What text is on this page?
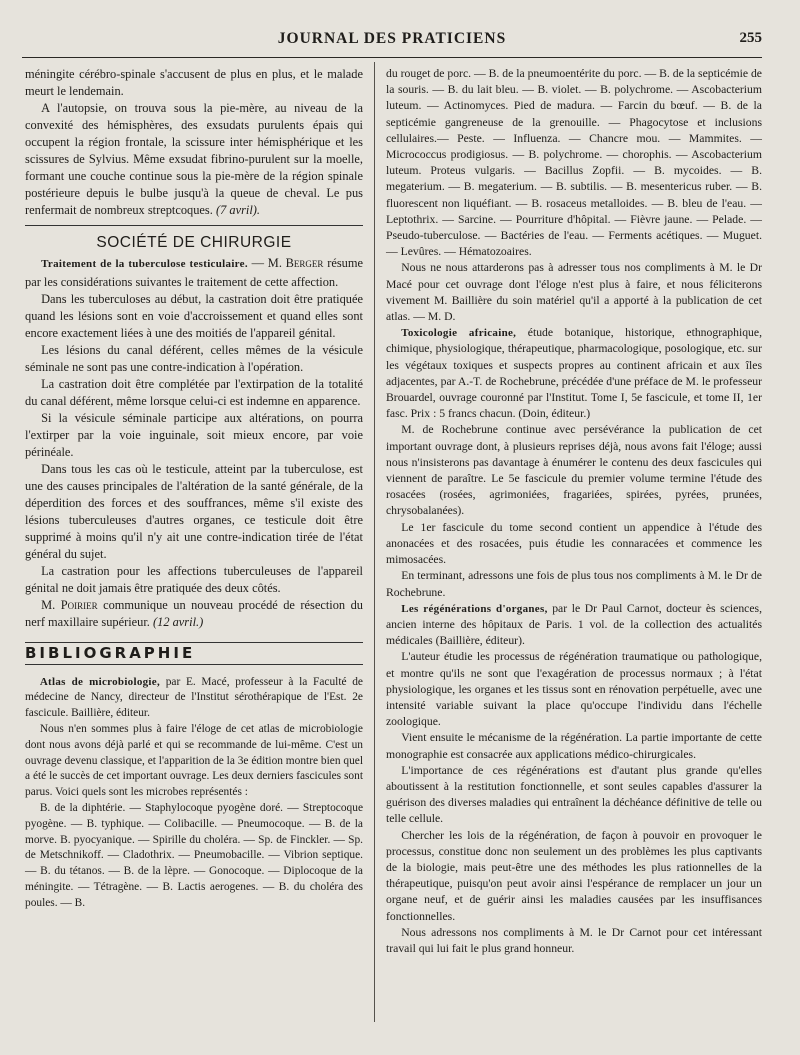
JOURNAL DES PRATICIENS	255

méningite cérébro-spinale s'accusent de plus en plus, et le malade meurt le lendemain.

A l'autopsie, on trouva sous la pie-mère, au niveau de la convexité des hémisphères, des exsudats purulents épais qui occupent la région frontale, la scissure inter hémisphérique et les scissures de Sylvius. Même exsudat fibrino-purulent sur la moelle, formant une couche continue sous la pie-mère de la région spinale postérieure depuis le bulbe jusqu'à la queue de cheval. Le pus renfermait de nombreux streptcoques. (7 avril).

SOCIÉTÉ DE CHIRURGIE

Traitement de la tuberculose testiculaire. — M. Berger résume par les considérations suivantes le traitement de cette affection.

Dans les tuberculoses au début, la castration doit être pratiquée quand les lésions sont en voie d'accroissement et quand elles sont encore exactement liées à une des moitiés de l'appareil génital.

Les lésions du canal déférent, celles mêmes de la vésicule séminale ne sont pas une contre-indication à l'opération.

La castration doit être complétée par l'extirpation de la totalité du canal déférent, même lorsque celui-ci est indemne en apparence.

Si la vésicule séminale participe aux altérations, on pourra l'extirper par la voie inguinale, soit mieux encore, par voie périnéale.

Dans tous les cas où le testicule, atteint par la tuberculose, est une des causes principales de l'altération de la santé générale, de la déperdition des forces et des souffrances, même s'il existe des lésions tuberculeuses d'autres organes, ce testicule doit être supprimé à moins qu'il n'y ait une contre-indication tirée de l'état général du sujet.

La castration pour les affections tuberculeuses de l'appareil génital ne doit jamais être pratiquée des deux côtés.

M. Poirier communique un nouveau procédé de résection du nerf maxillaire supérieur. (12 avril.)

BIBLIOGRAPHIE

Atlas de microbiologie, par E. Macé, professeur à la Faculté de médecine de Nancy, directeur de l'Institut sérothérapique de l'Est. 2e fascicule. Baillière, éditeur.

Nous n'en sommes plus à faire l'éloge de cet atlas de microbiologie dont nous avons déjà parlé et qui se recommande de lui-même. C'est un ouvrage devenu classique, et l'apparition de la 3e édition montre bien quel a été le succès de cet important ouvrage. Les deux derniers fascicules sont parus. Voici quels sont les microbes représentés :

B. de la diphtérie. — Staphylocoque pyogène doré. — Streptocoque pyogène. — B. typhique. — Colibacille. — Pneumocoque. — B. de la morve. B. pyocyanique. — Spirille du choléra. — Sp. de Finckler. — Sp. de Metschnikoff. — Cladothrix. — Pneumobacille. — Vibrion septique. — B. du tétanos. — B. de la lèpre. — Gonocoque. — Diplocoque de la méningite. — Tétragène. — B. Lactis aerogenes. — B. du choléra des poules. — B.

du rouget de porc. — B. de la pneumoentérite du porc. — B. de la septicémie de la souris. — B. du lait bleu. — B. violet. — B. polychrome. — Ascobacterium luteum. — Actinomyces. Pied de madura. — Farcin du bœuf. — B. de la septicémie gangreneuse de la grenouille. — Phagocytose et inclusions cellulaires.— Peste. — Influenza. — Chancre mou. — Mammites. — Micrococcus prodigiosus. — B. polychrome. — chorophis. — Ascobacterium luteum. Proteus vulgaris. — Bacillus Zopfii. — B. mycoides. — B. megaterium. — B. megaterium. — B. subtilis. — B. mesentericus ruber. — B. fluorescent non liquéfiant. — B. rosaceus metalloides. — B. bleu de l'eau. — Leptothrix. — Sarcine. — Pourriture d'hôpital. — Fièvre jaune. — Pelade. — Pseudo-tuberculose. — Bactéries de l'eau. — Ferments acétiques. — Muguet. — Levûres. — Hématozoaires.

Nous ne nous attarderons pas à adresser tous nos compliments à M. le Dr Macé pour cet ouvrage dont l'éloge n'est plus à faire, et nous féliciterons vivement M. Baillière du soin matériel qu'il a apporté à la publication de cet atlas. — M. D.

Toxicologie africaine, étude botanique, historique, ethnographique, chimique, physiologique, thérapeutique, pharmacologique, posologique, etc. sur les végétaux toxiques et suspects propres au continent africain et aux îles adjacentes, par A.-T. de Rochebrune, précédée d'une préface de M. le professeur Brouardel, ouvrage couronné par l'Institut. Tome I, 5e fascicule, et tome II, 1er fasc. Prix : 5 francs chacun. (Doin, éditeur.)

M. de Rochebrune continue avec persévérance la publication de cet important ouvrage dont, à plusieurs reprises déjà, nous avons fait l'éloge; aussi nous n'insisterons pas davantage à énumérer le contenu des deux fascicules qui viennent de paraître. Le 5e fascicule du premier volume termine l'étude des rosacées (rosées, agrimoniées, fragariées, spirées, pyrées, prunées, chrysobalanées).

Le 1er fascicule du tome second contient un appendice à l'étude des anonacées et des rosacées, puis étudie les connaracées et commence les mimosacées.

En terminant, adressons une fois de plus tous nos compliments à M. le Dr de Rochebrune.

Les régénérations d'organes, par le Dr Paul Carnot, docteur ès sciences, ancien interne des hôpitaux de Paris. 1 vol. de la collection des actualités médicales (Baillière, éditeur).

L'auteur étudie les processus de régénération traumatique ou pathologique, et montre qu'ils ne sont que l'exagération de processus normaux ; à l'état physiologique, les organes et les tissus sont en rénovation perpétuelle, avec une intensité variable suivant la place qu'occupe l'individu dans l'échelle zoologique.

Vient ensuite le mécanisme de la régénération. La partie importante de cette monographie est consacrée aux applications médico-chirurgicales.

L'importance de ces régénérations est d'autant plus grande qu'elles aboutissent à la restitution fonctionnelle, et sont seules capables d'assurer la guérison des diverses maladies qui entraînent la déchéance définitive de telle ou telle cellule.

Chercher les lois de la régénération, de façon à pouvoir en provoquer le processus, constitue donc non seulement un des problèmes les plus captivants de la biologie, mais peut-être une des méthodes les plus rationnelles de la thérapeutique, puisqu'on peut avoir ainsi l'espérance de remplacer un jour un organe neuf, et de guérir ainsi les maladies causées par les insuffisances fonctionnelles.

Nous adressons nos compliments à M. le Dr Carnot pour cet intéressant travail qui lui fait le plus grand honneur.
